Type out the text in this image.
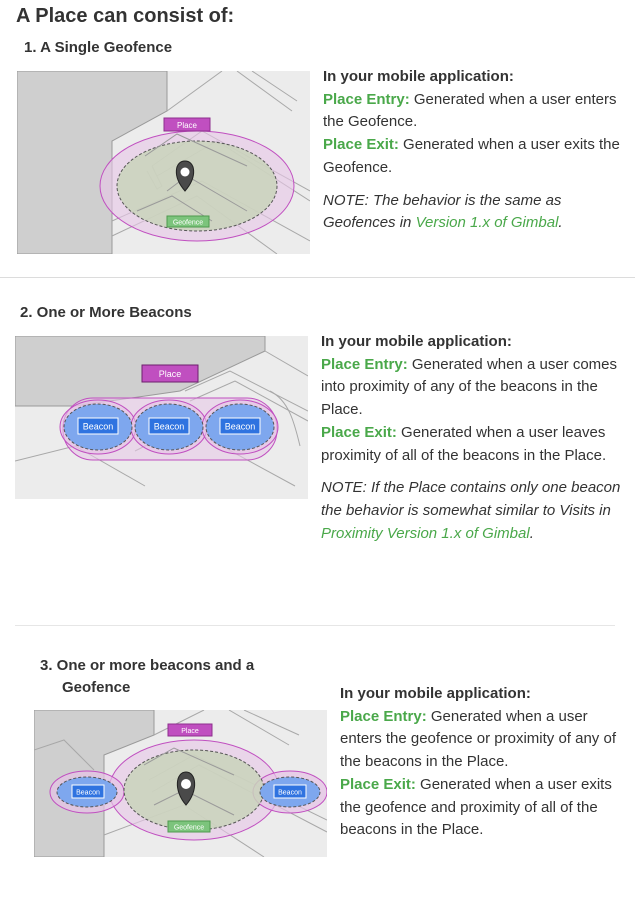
A Place can consist of:
1. A Single Geofence
Place
Geofence

In your mobile application:

Place Entry: Generated when a user enters the Geofence.

Place Exit: Generated when a user exits the Geofence.

NOTE: The behavior is the same as Geofences in Version 1.x of Gimbal.

2. One or More Beacons
Place
Beacon	Beacon	Beacon

In your mobile application:

Place Entry: Generated when a user comes into proximity of any of the beacons in the Place.

Place Exit: Generated when a user leaves proximity of all of the beacons in the Place.

NOTE: If the Place contains only one beacon the behavior is somewhat similar to Visits in Proximity Version 1.x of Gimbal.

3. One or more beacons and a
Geofence
Place
Geofence
Beacon	Beacon

In your mobile application:

Place Entry: Generated when a user enters the geofence or proximity of any of the beacons in the Place.

Place Exit: Generated when a user exits the geofence and proximity of all of the beacons in the Place.
